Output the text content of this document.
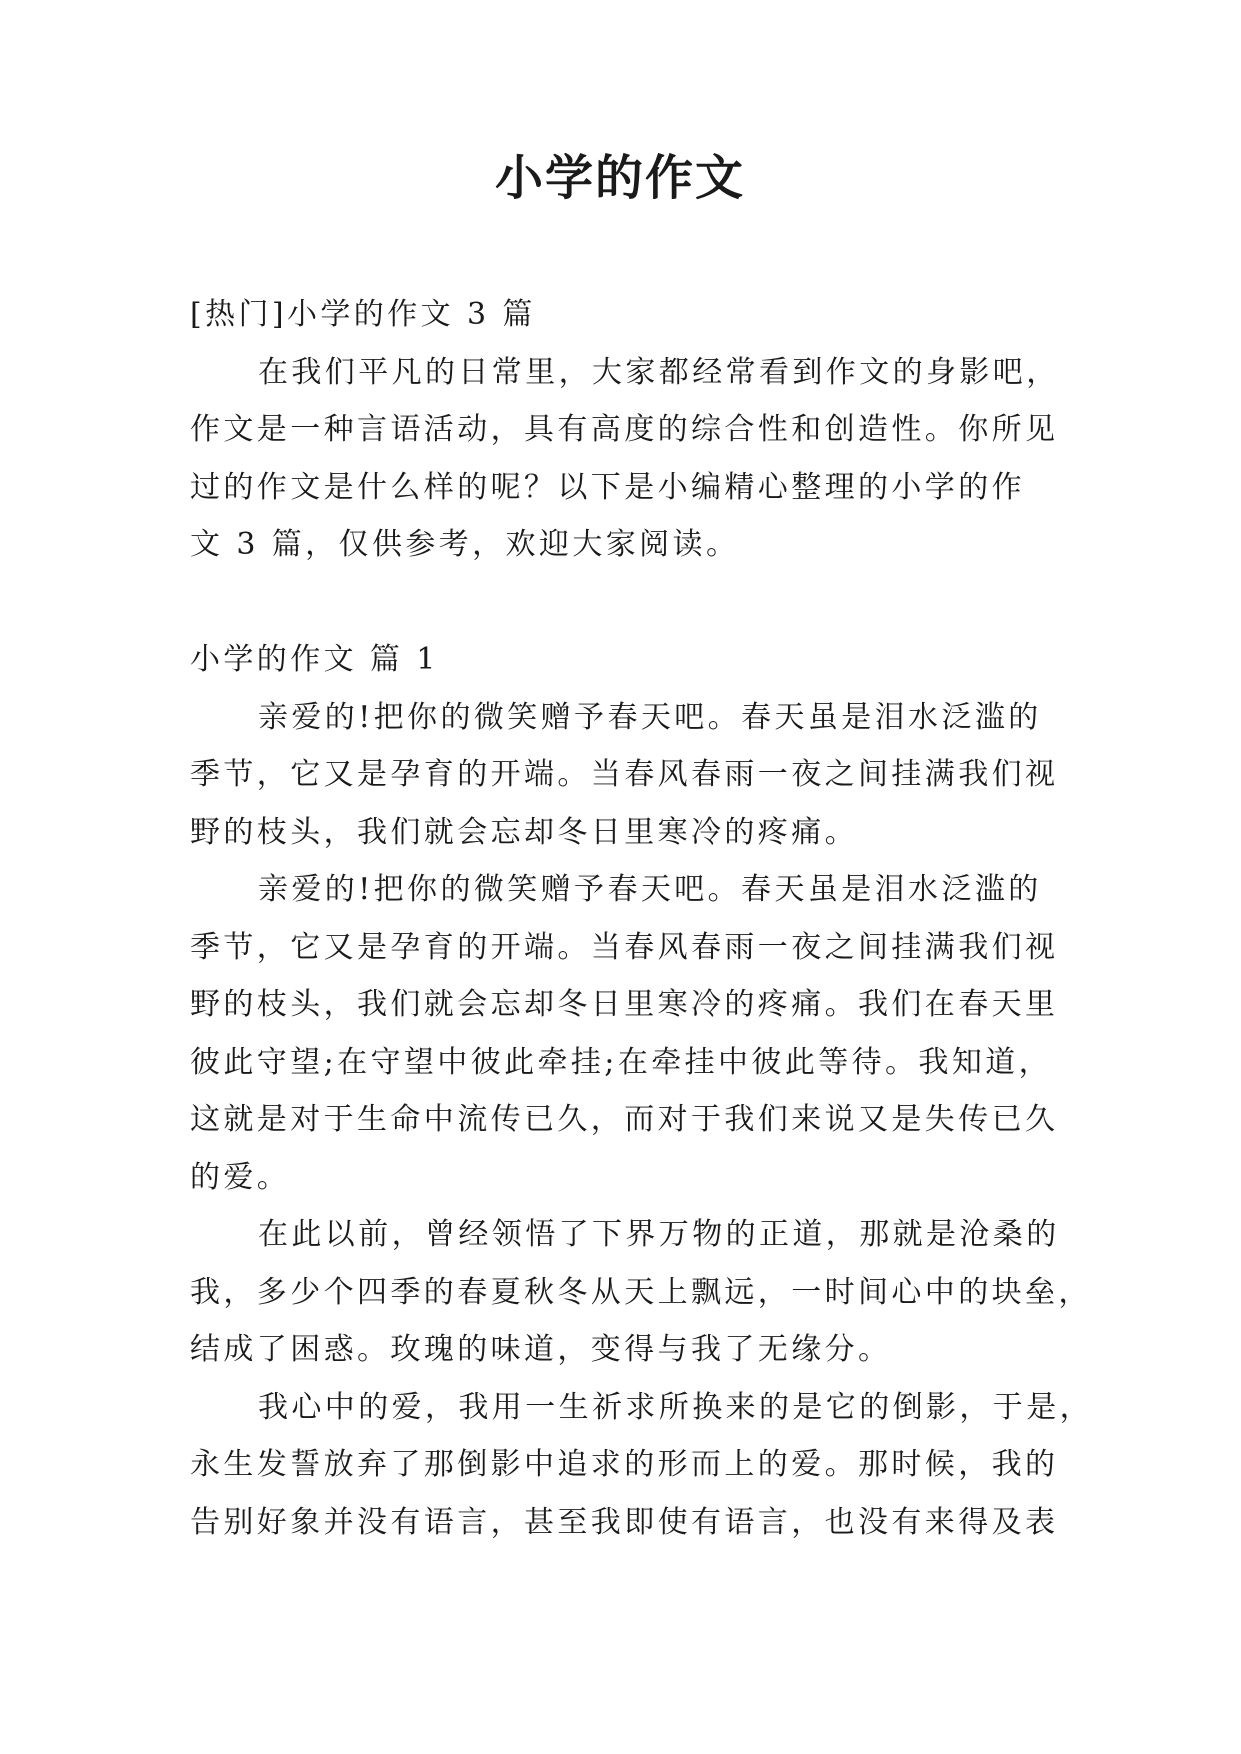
小学的作文

[热门]小学的作文 3 篇

在我们平凡的日常里，大家都经常看到作文的身影吧，

作文是一种言语活动，具有高度的综合性和创造性。你所见

过的作文是什么样的呢？以下是小编精心整理的小学的作

文 3 篇，仅供参考，欢迎大家阅读。

小学的作文 篇 1

亲爱的!把你的微笑赠予春天吧。春天虽是泪水泛滥的

季节，它又是孕育的开端。当春风春雨一夜之间挂满我们视

野的枝头，我们就会忘却冬日里寒冷的疼痛。

亲爱的!把你的微笑赠予春天吧。春天虽是泪水泛滥的

季节，它又是孕育的开端。当春风春雨一夜之间挂满我们视

野的枝头，我们就会忘却冬日里寒冷的疼痛。我们在春天里

彼此守望;在守望中彼此牵挂;在牵挂中彼此等待。我知道，

这就是对于生命中流传已久，而对于我们来说又是失传已久

的爱。

在此以前，曾经领悟了下界万物的正道，那就是沧桑的

我，多少个四季的春夏秋冬从天上飘远，一时间心中的块垒，

结成了困惑。玫瑰的味道，变得与我了无缘分。

我心中的爱，我用一生祈求所换来的是它的倒影，于是，

永生发誓放弃了那倒影中追求的形而上的爱。那时候，我的

告别好象并没有语言，甚至我即使有语言，也没有来得及表
